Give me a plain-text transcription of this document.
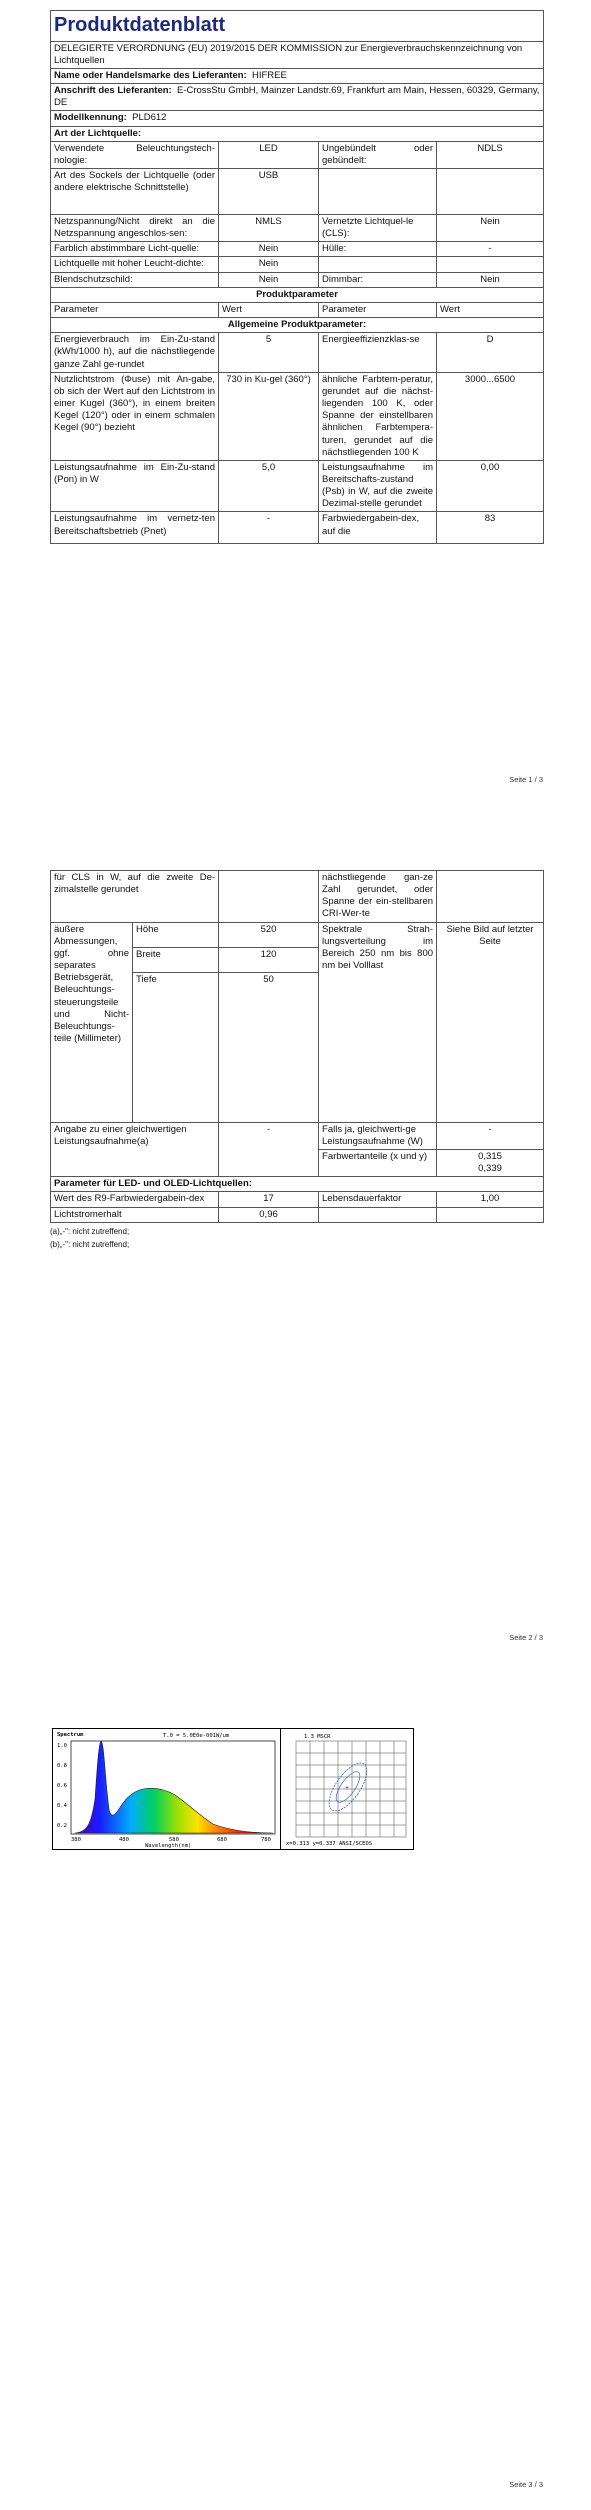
Produktdatenblatt			
DELEGIERTE VERORDNUNG (EU) 2019/2015 DER KOMMISSION zur Energieverbrauchskennzeichnung von Lichtquellen			
Name oder Handelsmarke des Lieferanten: HIFREE			
Anschrift des Lieferanten: E-CrossStu GmbH, Mainzer Landstr.69, Frankfurt am Main, Hessen, 60329, Germany, DE			
Modellkennung: PLD612			
Art der Lichtquelle:			
Verwendete Beleuchtungstech-nologie:	LED	Ungebündelt oder gebündelt:	NDLS
Art des Sockels der Lichtquelle (oder andere elektrische Schnittstelle)	USB		
Netzspannung/Nicht direkt an die Netzspannung angeschlos-sen:	NMLS	Vernetzte Lichtquel-le (CLS):	Nein
Farblich abstimmbare Licht-quelle:	Nein	Hülle:	-
Lichtquelle mit hoher Leucht-dichte:	Nein		
Blendschutzschild:	Nein	Dimmbar:	Nein
Produktparameter			
Parameter	Wert	Parameter	Wert
Allgemeine Produktparameter:			
Energieverbrauch im Ein-Zu-stand (kWh/1000 h), auf die nächstliegende ganze Zahl ge-rundet	5	Energieeffizienzklas-se	D
Nutzlichtstrom (Φuse) mit An-gabe, ob sich der Wert auf den Lichtstrom in einer Kugel (360°), in einem breiten Kegel (120°) oder in einem schmalen Kegel (90°) bezieht	730 in Ku-gel (360°)	ähnliche Farbtem-peratur, gerundet auf die nächst-liegenden 100 K, oder Spanne der einstellbaren ähnlichen Farbtempera-turen, gerundet auf die nächstliegenden 100 K	3000...6500
Leistungsaufnahme im Ein-Zu-stand (Pon) in W	5,0	Leistungsaufnahme im Bereitschafts-zustand (Psb) in W, auf die zweite Dezimal-stelle gerundet	0,00
Leistungsaufnahme im vernetz-ten Bereitschaftsbetrieb (Pnet)	-	Farbwiedergabein-dex, auf die	83
Seite 1 / 3
für CLS in W, auf die zweite De-zimalstelle gerundet			nächstliegende gan-ze Zahl gerundet, oder Spanne der ein-stellbaren CRI-Wer-te	
äußere Abmessungen, ggf. ohne separates Betriebsgerät, Beleuchtungs-steuerungsteile und Nicht-Beleuchtungs-teile (Millimeter)	Höhe	520	Spektrale Strah-lungsverteilung im Bereich 250 nm bis 800 nm bei Volllast	Siehe Bild auf letzter Seite
	Breite	120		
	Tiefe	50		
Angabe zu einer gleichwertigen Leistungsaufnahme(a)		-	Falls ja, gleichwerti-ge Leistungsaufnahme (W)	-
			Farbwertanteile (x und y)	0,315
0,339
Parameter für LED- und OLED-Lichtquellen:				
Wert des R9-Farbwiedergabein-dex		17	Lebensdauerfaktor	1,00
Lichtstromerhalt		0,96		
(a)„-": nicht zutreffend;
(b)„-": nicht zutreffend;
Seite 2 / 3
Spectrum	T.0 = 5.0E0e-001W/um
1.0
0.8
0.6
0.4
0.2
380	480	580	680	780
Wavelength(nm)
1.3 MSCR
+
x=0.313 y=0.337 ANSI/SCEDS
Seite 3 / 3
